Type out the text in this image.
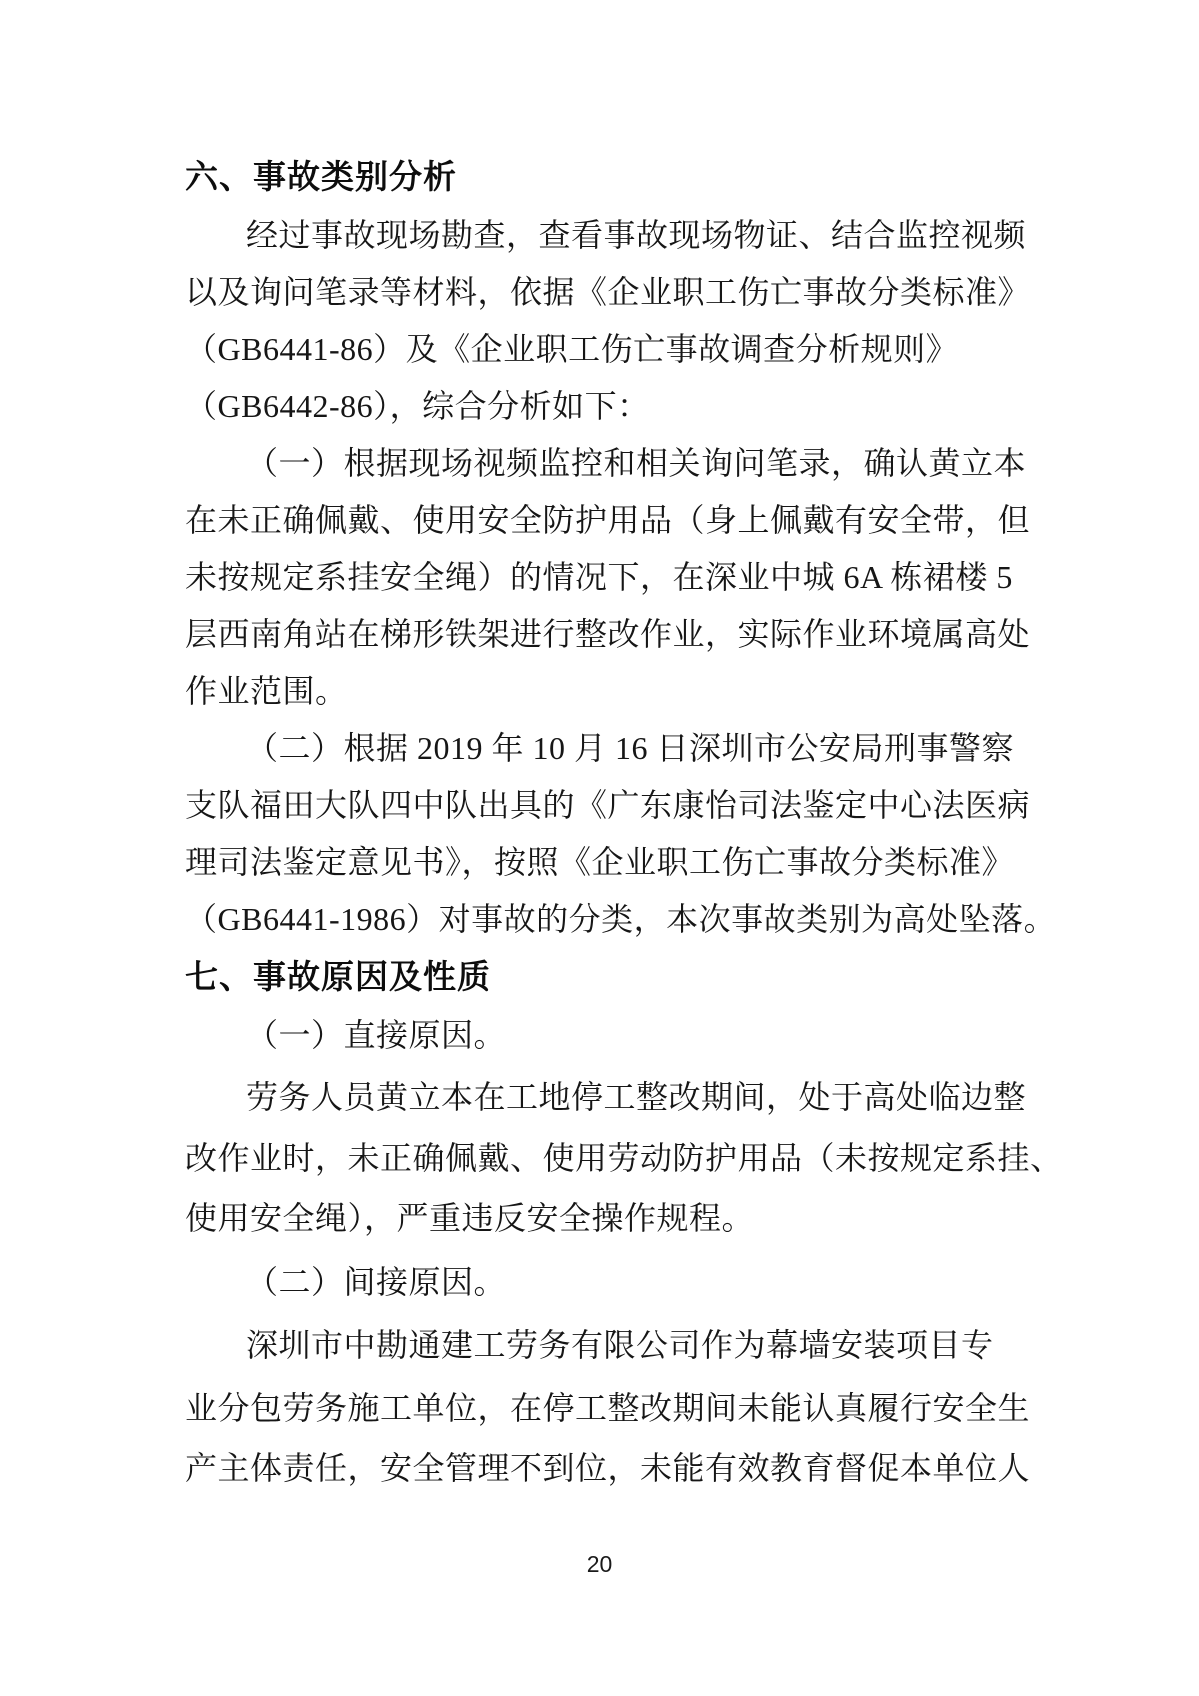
六、事故类别分析
经过事故现场勘查，查看事故现场物证、结合监控视频
以及询问笔录等材料，依据《企业职工伤亡事故分类标准》
（GB6441-86）及《企业职工伤亡事故调查分析规则》
（GB6442-86），综合分析如下：
（一）根据现场视频监控和相关询问笔录，确认黄立本
在未正确佩戴、使用安全防护用品（身上佩戴有安全带，但
未按规定系挂安全绳）的情况下，在深业中城 6A 栋裙楼 5
层西南角站在梯形铁架进行整改作业，实际作业环境属高处
作业范围。
（二）根据 2019 年 10 月 16 日深圳市公安局刑事警察
支队福田大队四中队出具的《广东康怡司法鉴定中心法医病
理司法鉴定意见书》，按照《企业职工伤亡事故分类标准》
（GB6441-1986）对事故的分类，本次事故类别为高处坠落。
七、事故原因及性质
（一）直接原因。
劳务人员黄立本在工地停工整改期间，处于高处临边整
改作业时，未正确佩戴、使用劳动防护用品（未按规定系挂、
使用安全绳），严重违反安全操作规程。
（二）间接原因。
深圳市中勘通建工劳务有限公司作为幕墙安装项目专
业分包劳务施工单位，在停工整改期间未能认真履行安全生
产主体责任，安全管理不到位，未能有效教育督促本单位人
20
